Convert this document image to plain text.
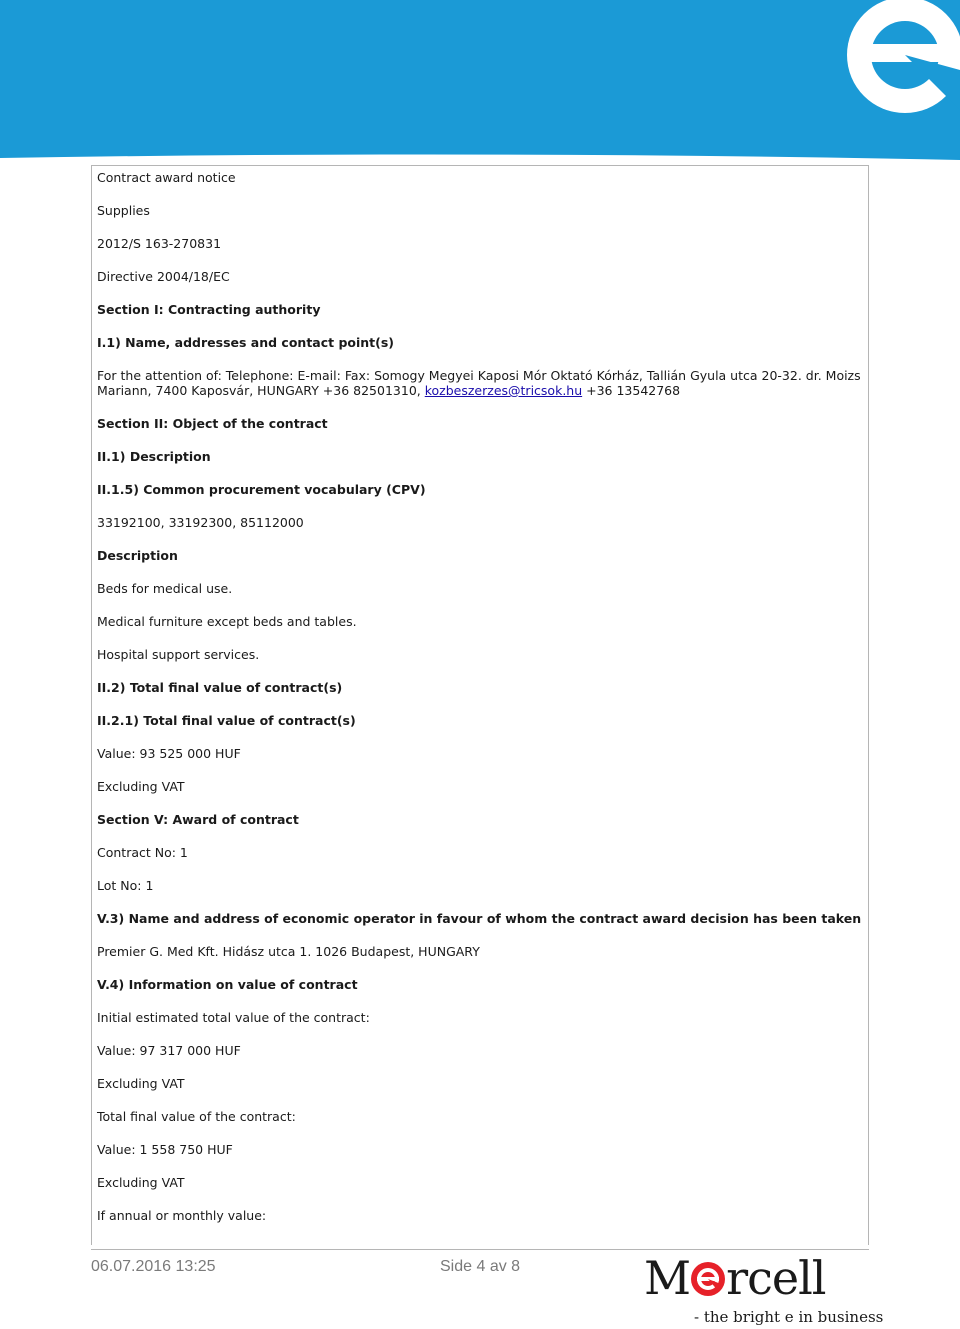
Contract award notice

Supplies

2012/S 163-270831

Directive 2004/18/EC

Section I: Contracting authority

I.1) Name, addresses and contact point(s)

For the attention of: Telephone: E-mail: Fax: Somogy Megyei Kaposi Mór Oktató Kórház, Tallián Gyula utca 20-32. dr. Moizs Mariann, 7400 Kaposvár, HUNGARY +36 82501310, kozbeszerzes@tricsok.hu +36 13542768

Section II: Object of the contract

II.1) Description

II.1.5) Common procurement vocabulary (CPV)

33192100, 33192300, 85112000

Description

Beds for medical use.

Medical furniture except beds and tables.

Hospital support services.

II.2) Total final value of contract(s)

II.2.1) Total final value of contract(s)

Value: 93 525 000 HUF

Excluding VAT

Section V: Award of contract

Contract No: 1

Lot No: 1

V.3) Name and address of economic operator in favour of whom the contract award decision has been taken

Premier G. Med Kft. Hidász utca 1. 1026 Budapest, HUNGARY

V.4) Information on value of contract

Initial estimated total value of the contract:

Value: 97 317 000 HUF

Excluding VAT

Total final value of the contract:

Value: 1 558 750 HUF

Excluding VAT

If annual or monthly value:

06.07.2016 13:25	Side 4 av 8	M rcell
- the bright e in business
